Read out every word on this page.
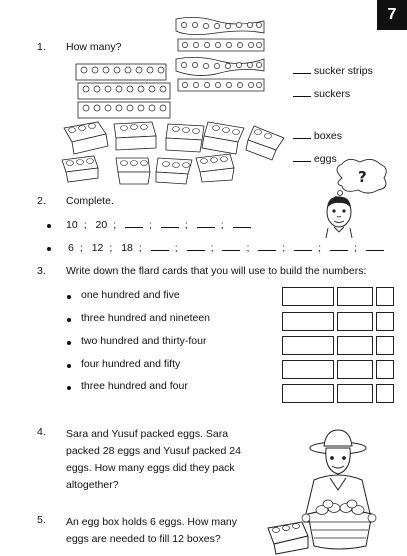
7
1.	How many?
sucker strips
suckers
boxes
eggs
?
2.	Complete.
10 ; 20 ;	;	;	;
6 ; 12 ; 18 ;	;	;	;	;	;	;
3.	Write down the flard cards that you will use to build the numbers:
one hundred and five
three hundred and nineteen
two hundred and thirty-four
four hundred and fifty
three hundred and four
4.	Sara and Yusuf packed eggs. Sara
packed 28 eggs and Yusuf packed 24
eggs. How many eggs did they pack
altogether?
5.	An egg box holds 6 eggs. How many
eggs are needed to fill 12 boxes?
